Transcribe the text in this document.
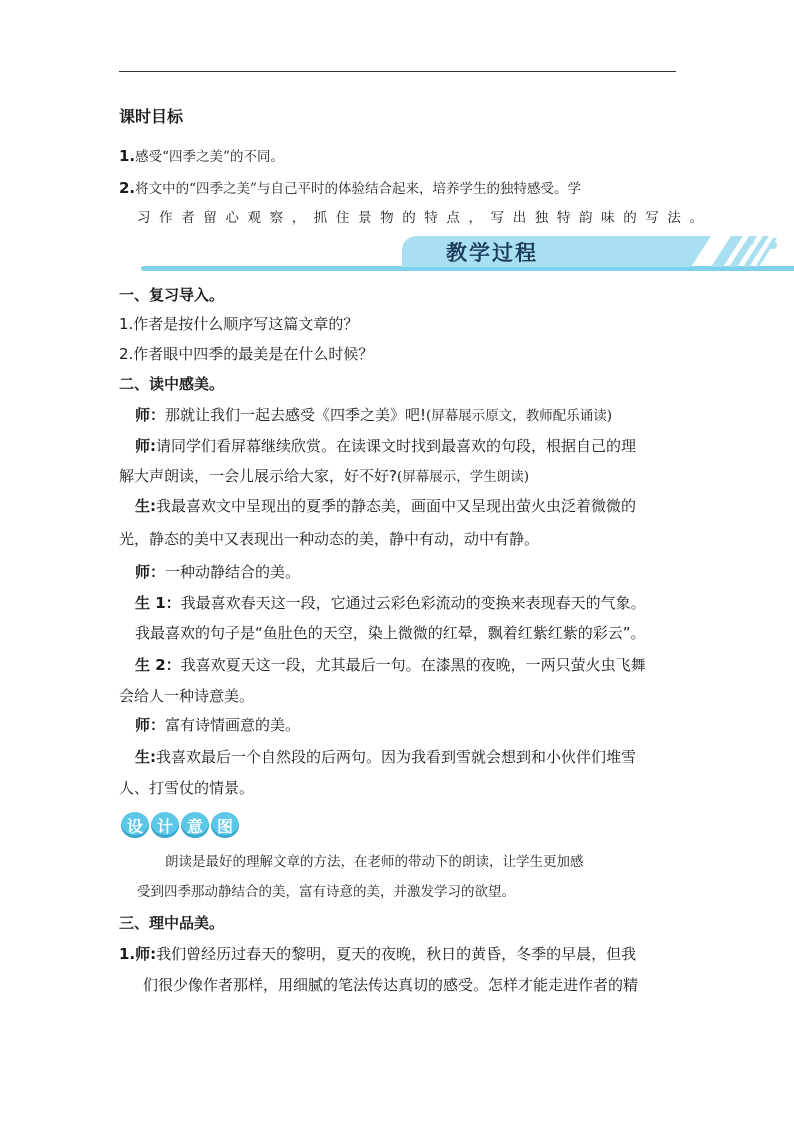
课时目标
1.感受“四季之美”的不同。
2.将文中的“四季之美”与自己平时的体验结合起来，培养学生的独特感受。学
习作者留心观察，抓住景物的特点，写出独特韵味的写法。
教学过程
一、复习导入。
1.作者是按什么顺序写这篇文章的？
2.作者眼中四季的最美是在什么时候？
二、读中感美。
师：那就让我们一起去感受《四季之美》吧!(屏幕展示原文，教师配乐诵读)
师:请同学们看屏幕继续欣赏。在读课文时找到最喜欢的句段，根据自己的理
解大声朗读，一会儿展示给大家，好不好?(屏幕展示，学生朗读)
生:我最喜欢文中呈现出的夏季的静态美，画面中又呈现出萤火虫泛着微微的
光，静态的美中又表现出一种动态的美，静中有动，动中有静。
师：一种动静结合的美。
生 1：我最喜欢春天这一段，它通过云彩色彩流动的变换来表现春天的气象。
我最喜欢的句子是“鱼肚色的天空，染上微微的红晕，飘着红紫红紫的彩云”。
生 2：我喜欢夏天这一段，尤其最后一句。在漆黑的夜晚，一两只萤火虫飞舞
会给人一种诗意美。
师：富有诗情画意的美。
生:我喜欢最后一个自然段的后两句。因为我看到雪就会想到和小伙伴们堆雪
人、打雪仗的情景。
设 计 意 图
朗读是最好的理解文章的方法，在老师的带动下的朗读，让学生更加感
受到四季那动静结合的美，富有诗意的美，并激发学习的欲望。
三、理中品美。
1.师:我们曾经历过春天的黎明，夏天的夜晚，秋日的黄昏，冬季的早晨，但我
们很少像作者那样，用细腻的笔法传达真切的感受。怎样才能走进作者的精
